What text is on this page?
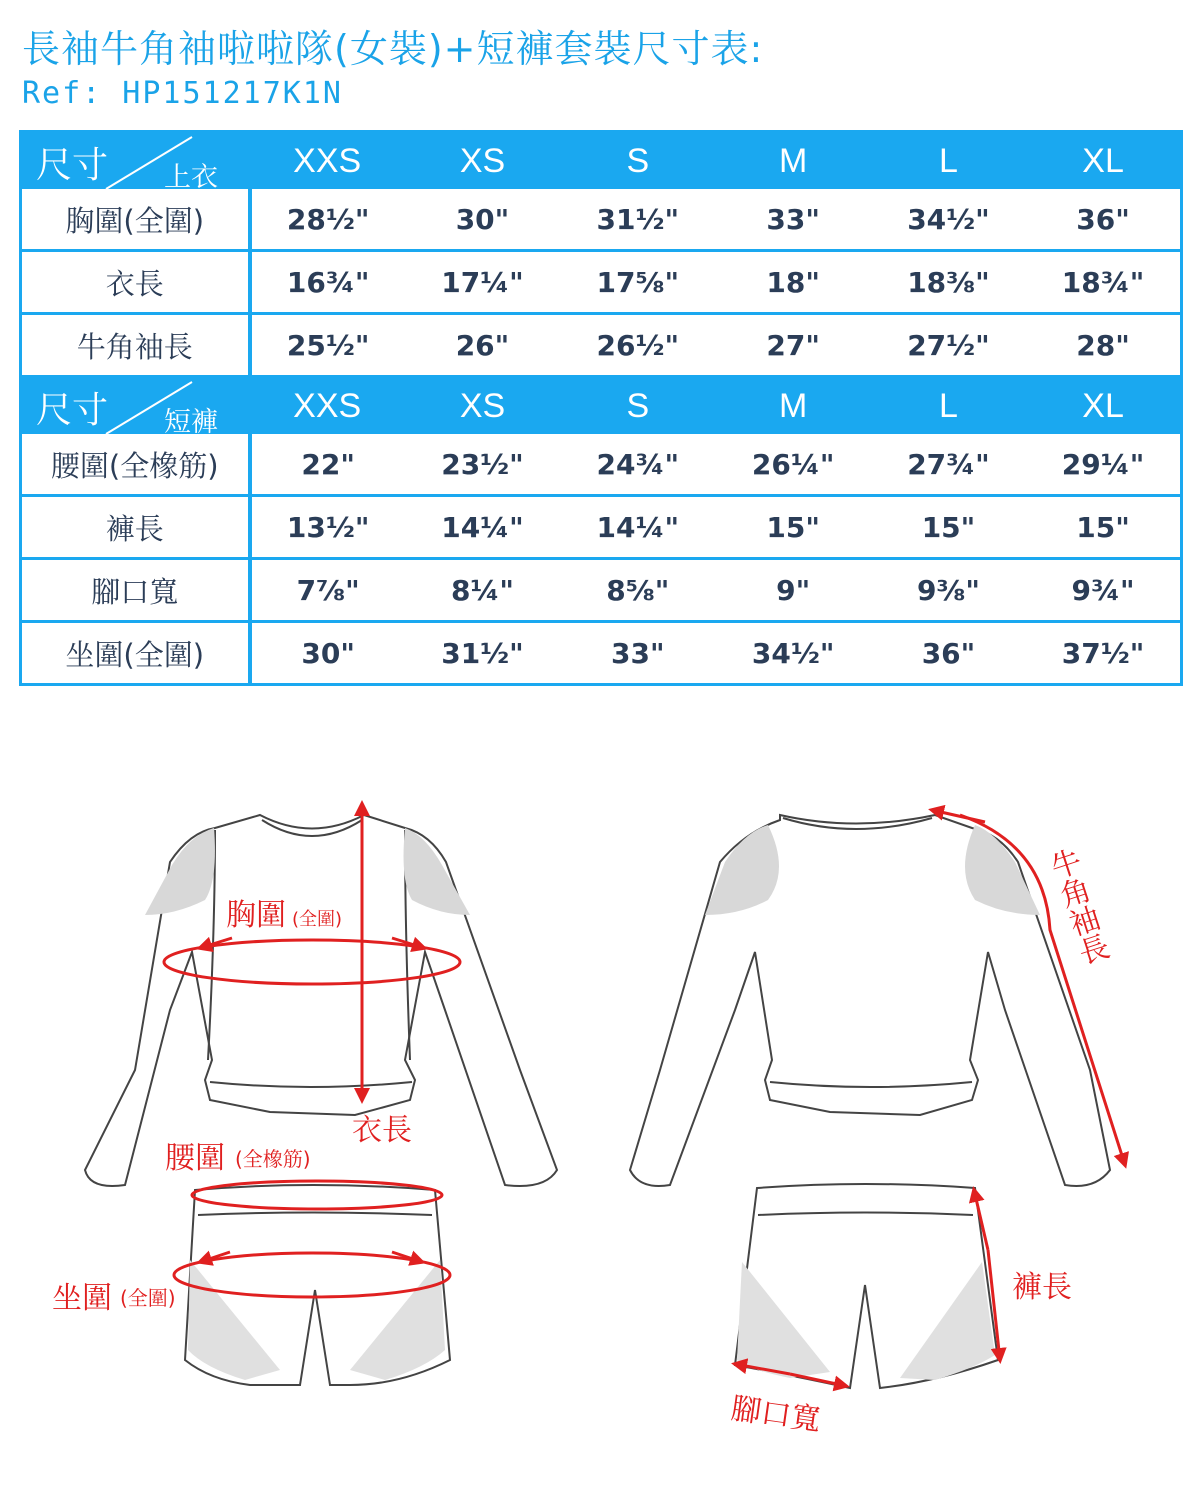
長袖牛角袖啦啦隊(女裝)+短褲套裝尺寸表:
Ref: HP151217K1N
尺寸 上衣	XXS	XS	S	M	L	XL
胸圍(全圍)	28½"	30"	31½"	33"	34½"	36"
衣長	16¾"	17¼"	17⅝"	18"	18⅜"	18¾"
牛角袖長	25½"	26"	26½"	27"	27½"	28"

尺寸 短褲	XXS	XS	S	M	L	XL
腰圍(全橡筋)	22"	23½"	24¾"	26¼"	27¾"	29¼"
褲長	13½"	14¼"	14¼"	15"	15"	15"
腳口寬	7⅞"	8¼"	8⅝"	9"	9⅜"	9¾"
坐圍(全圍)	30"	31½"	33"	34½"	36"	37½"
胸圍 (全圍)
衣長
腰圍 (全橡筋)
坐圍 (全圍)
牛角袖長
褲長
腳口寬
